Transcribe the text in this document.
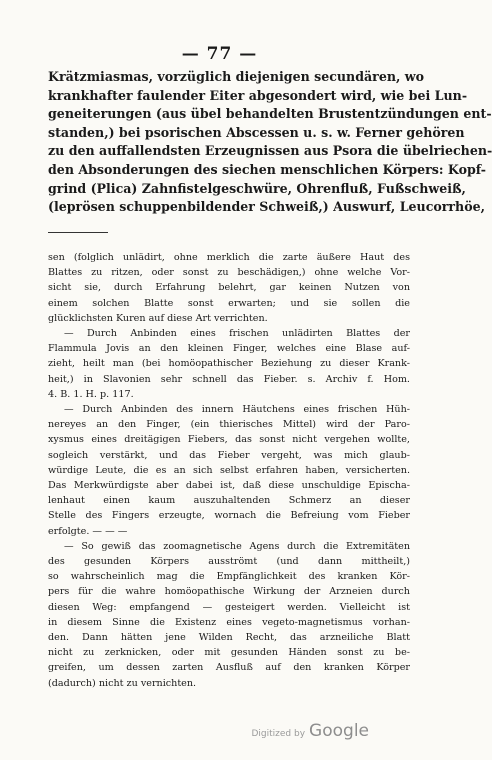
— 77 —
Krätzmiasmas, vorzüglich diejenigen secundären, wo
krankhafter faulender Eiter abgesondert wird, wie bei Lun-
geneiterungen (aus übel behandelten Brustentzündungen ent-
standen,) bei psorischen Abscessen u. s. w. Ferner gehören
zu den auffallendsten Erzeugnissen aus Psora die übelriechen-
den Absonderungen des siechen menschlichen Körpers: Kopf-
grind (Plica) Zahnfistelgeschwüre, Ohrenfluß, Fußschweiß,
(leprösen schuppenbildender Schweiß,) Auswurf, Leucorrhöe,

sen (folglich unlädirt, ohne merklich die zarte äußere Haut des
Blattes zu ritzen, oder sonst zu beschädigen,) ohne welche Vor-
sicht sie, durch Erfahrung belehrt, gar keinen Nutzen von
einem solchen Blatte sonst erwarten; und sie sollen die
glücklichsten Kuren auf diese Art verrichten.

— Durch Anbinden eines frischen unlädirten Blattes der
Flammula Jovis an den kleinen Finger, welches eine Blase auf-
zieht, heilt man (bei homöopathischer Beziehung zu dieser Krank-
heit,) in Slavonien sehr schnell das Fieber. s. Archiv f. Hom.
4. B. 1. H. p. 117.

— Durch Anbinden des innern Häutchens eines frischen Hüh-
nereyes an den Finger, (ein thierisches Mittel) wird der Paro-
xysmus eines dreitägigen Fiebers, das sonst nicht vergehen wollte,
sogleich verstärkt, und das Fieber vergeht, was mich glaub-
würdige Leute, die es an sich selbst erfahren haben, versicherten.
Das Merkwürdigste aber dabei ist, daß diese unschuldige Epischa-
lenhaut einen kaum auszuhaltenden Schmerz an dieser
Stelle des Fingers erzeugte, wornach die Befreiung vom Fieber
erfolgte. — — —

— So gewiß das zoomagnetische Agens durch die Extremitäten
des gesunden Körpers ausströmt (und dann mittheilt,)
so wahrscheinlich mag die Empfänglichkeit des kranken Kör-
pers für die wahre homöopathische Wirkung der Arzneien durch
diesen Weg: empfangend — gesteigert werden. Vielleicht ist
in diesem Sinne die Existenz eines vegeto-magnetismus vorhan-
den. Dann hätten jene Wilden Recht, das arzneiliche Blatt
nicht zu zerknicken, oder mit gesunden Händen sonst zu be-
greifen, um dessen zarten Ausfluß auf den kranken Körper
(dadurch) nicht zu vernichten.

Digitized by Google
